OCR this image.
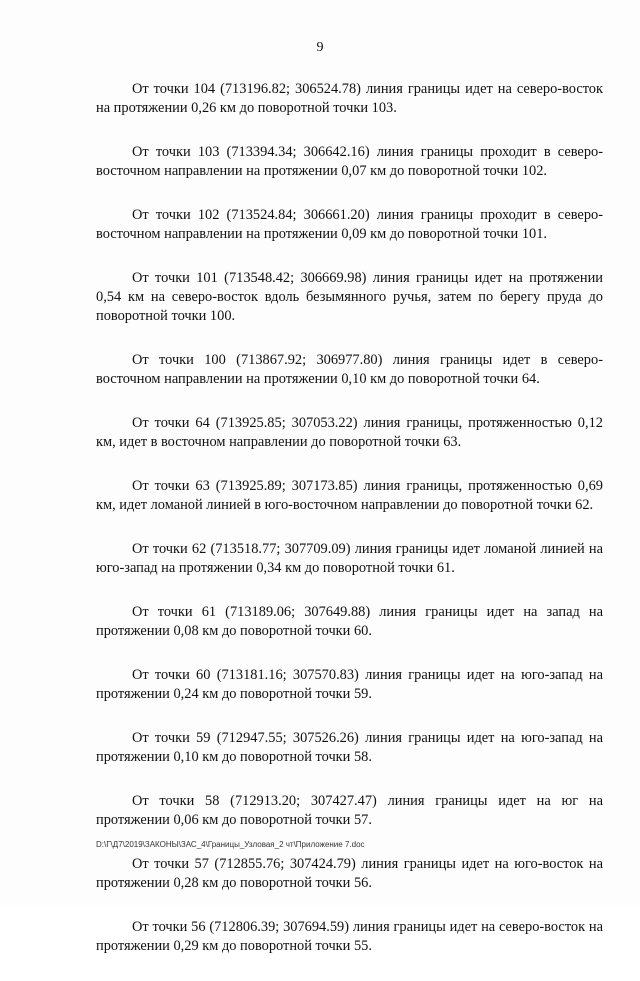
9

От точки 104 (713196.82; 306524.78) линия границы идет на северо-восток на протяжении 0,26 км до поворотной точки 103.

От точки 103 (713394.34; 306642.16) линия границы проходит в северо-восточном направлении на протяжении 0,07 км до поворотной точки 102.

От точки 102 (713524.84; 306661.20) линия границы проходит в северо-восточном направлении на протяжении 0,09 км до поворотной точки 101.

От точки 101 (713548.42; 306669.98) линия границы идет на протяжении 0,54 км на северо-восток вдоль безымянного ручья, затем по берегу пруда до поворотной точки 100.

От точки 100 (713867.92; 306977.80) линия границы идет в северо-восточном направлении на протяжении 0,10 км до поворотной точки 64.

От точки 64 (713925.85; 307053.22) линия границы, протяженностью 0,12 км, идет в восточном направлении до поворотной точки 63.

От точки 63 (713925.89; 307173.85) линия границы, протяженностью 0,69 км, идет ломаной линией в юго-восточном направлении до поворотной точки 62.

От точки 62 (713518.77; 307709.09) линия границы идет ломаной линией на юго-запад на протяжении 0,34 км до поворотной точки 61.

От точки 61 (713189.06; 307649.88) линия границы идет на запад на протяжении 0,08 км до поворотной точки 60.

От точки 60 (713181.16; 307570.83) линия границы идет на юго-запад на протяжении 0,24 км до поворотной точки 59.

От точки 59 (712947.55; 307526.26) линия границы идет на юго-запад на протяжении 0,10 км до поворотной точки 58.

От точки 58 (712913.20; 307427.47) линия границы идет на юг на протяжении 0,06 км до поворотной точки 57.

От точки 57 (712855.76; 307424.79) линия границы идет на юго-восток на протяжении 0,28 км до поворотной точки 56.

От точки 56 (712806.39; 307694.59) линия границы идет на северо-восток на протяжении 0,29 км до поворотной точки 55.

D:\Г\Д7\2019\ЗАКОНЫ\ЗАС_4\Границы_Узловая_2 чт\Приложение 7.doc
